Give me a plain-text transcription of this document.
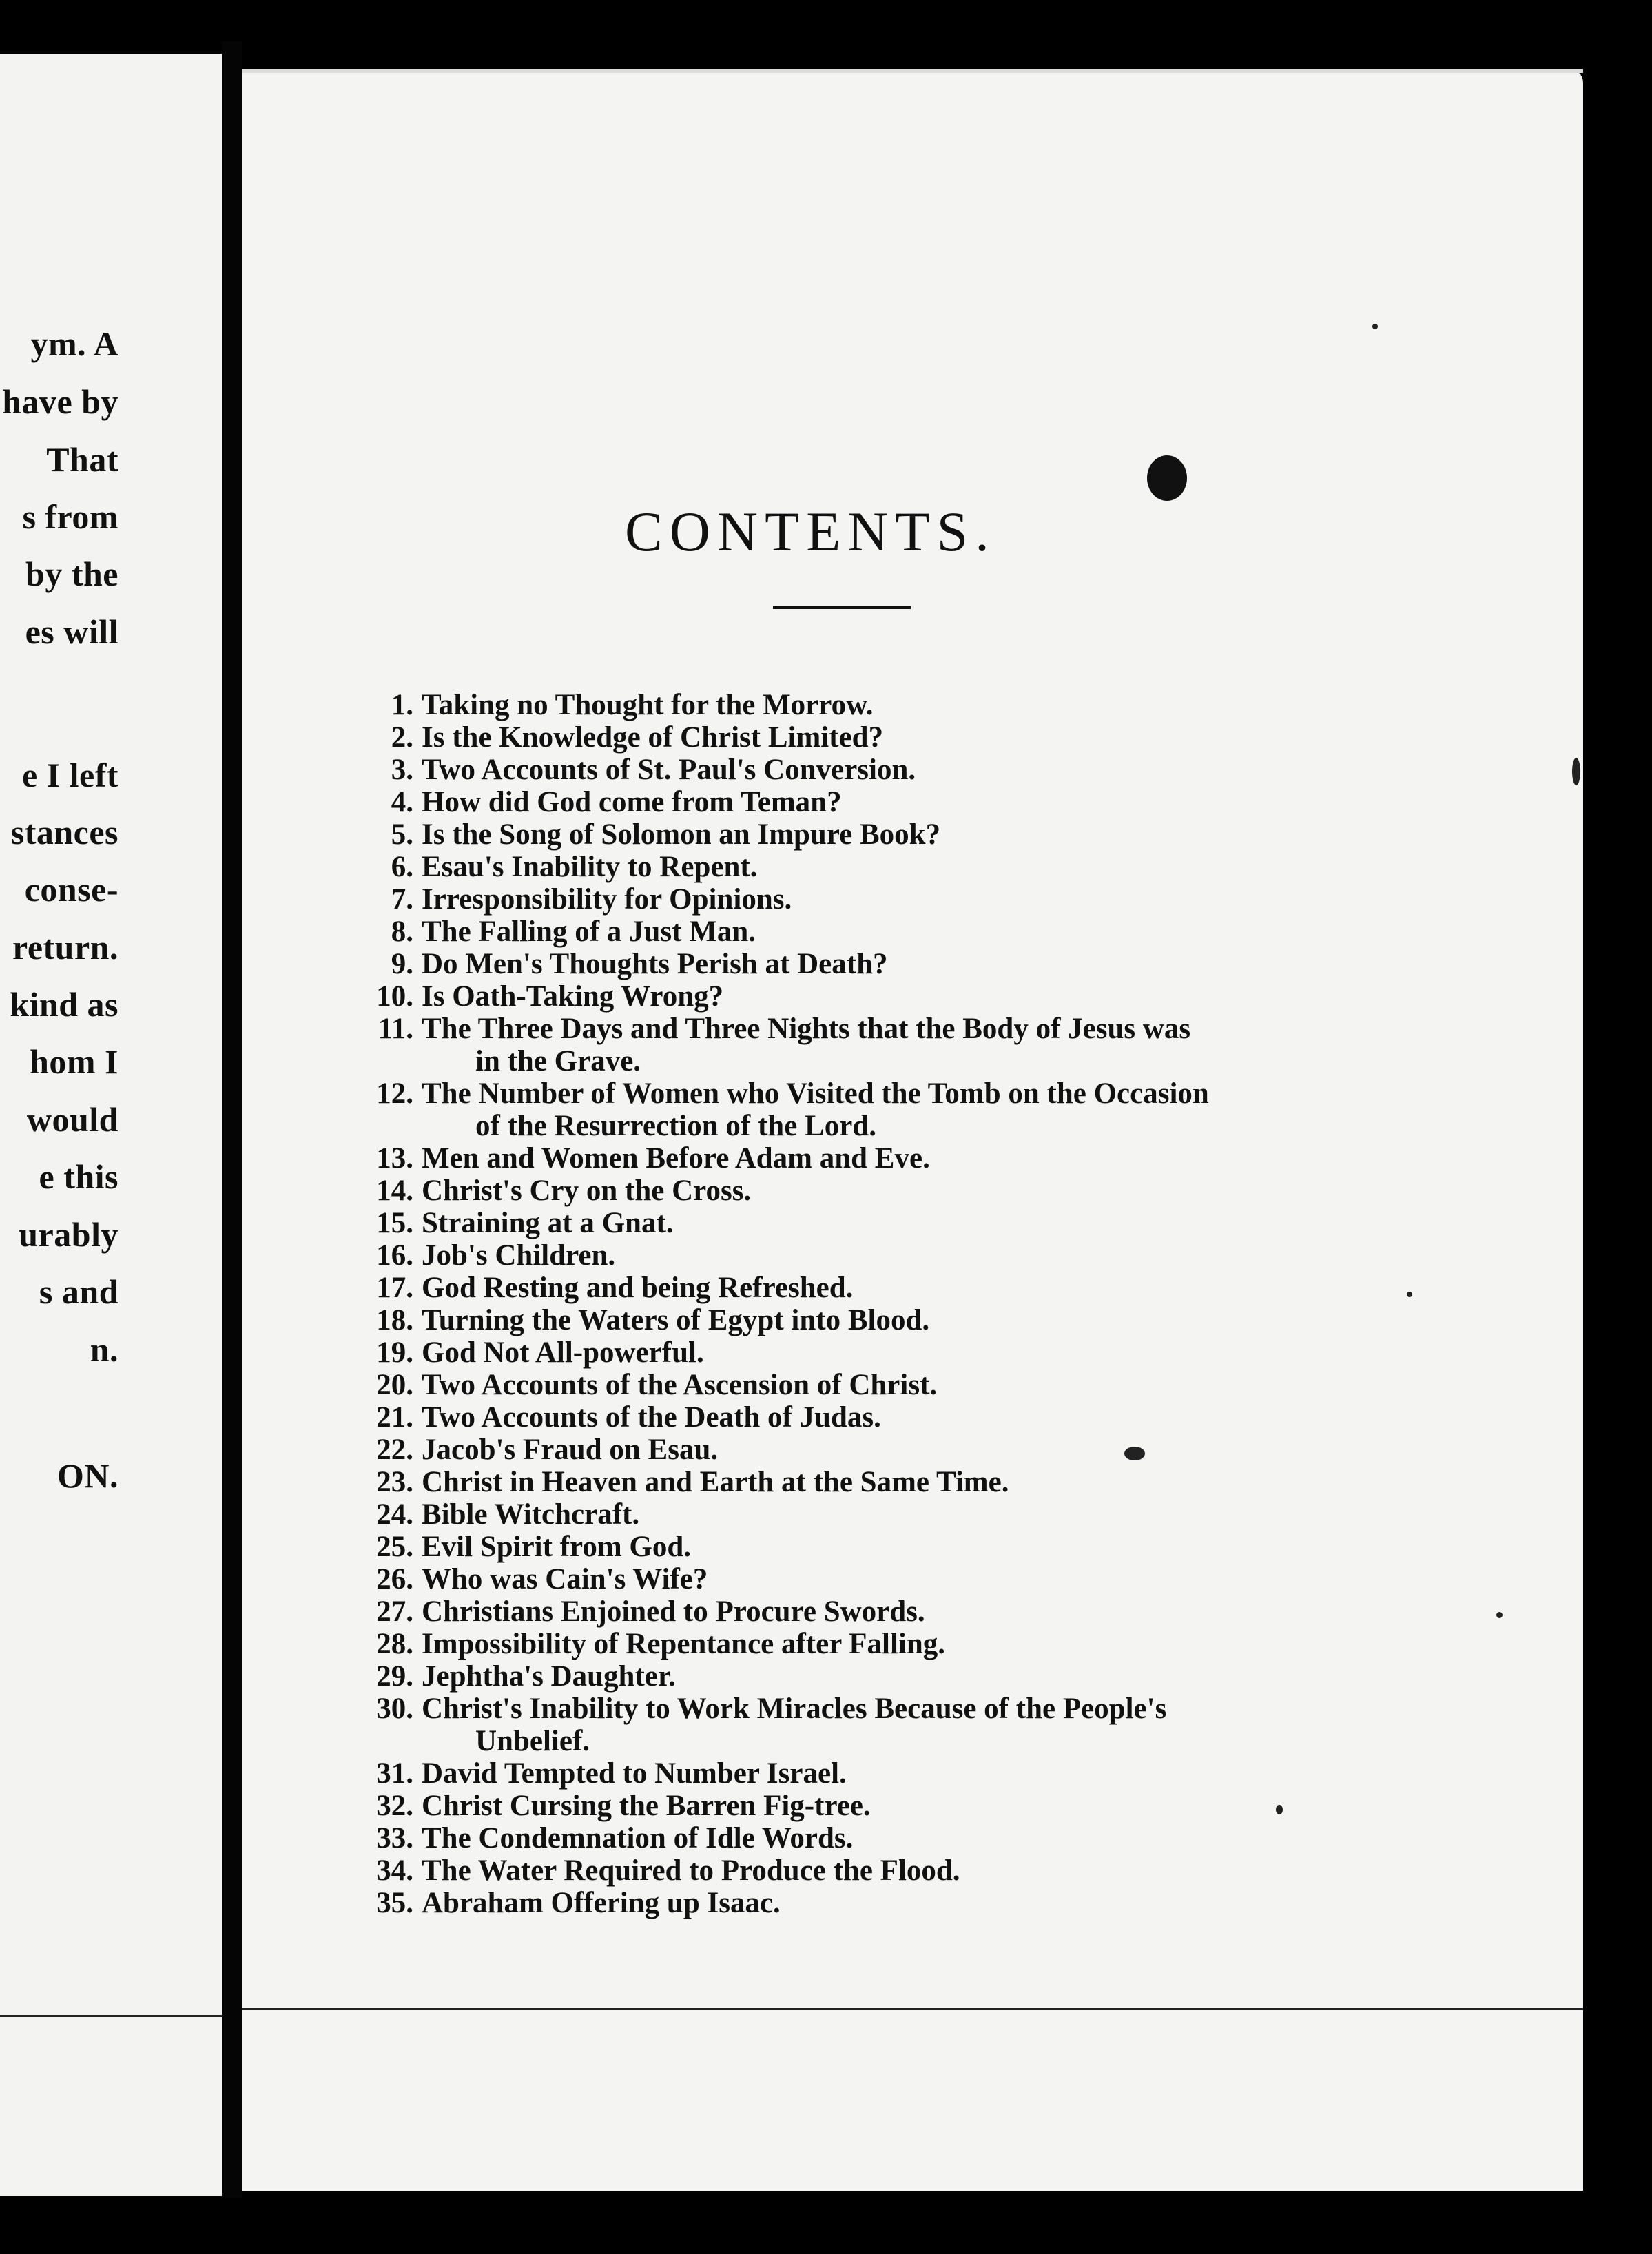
ym. A
have by
That
s from
by the
es will
e I left
stances
conse-
return.
kind as
hom I
would
e this
urably
s and
n.
ON.
CONTENTS.
1. Taking no Thought for the Morrow.
2. Is the Knowledge of Christ Limited?
3. Two Accounts of St. Paul's Conversion.
4. How did God come from Teman?
5. Is the Song of Solomon an Impure Book?
6. Esau's Inability to Repent.
7. Irresponsibility for Opinions.
8. The Falling of a Just Man.
9. Do Men's Thoughts Perish at Death?
10. Is Oath-Taking Wrong?
11. The Three Days and Three Nights that the Body of Jesus was
in the Grave.
12. The Number of Women who Visited the Tomb on the Occasion
of the Resurrection of the Lord.
13. Men and Women Before Adam and Eve.
14. Christ's Cry on the Cross.
15. Straining at a Gnat.
16. Job's Children.
17. God Resting and being Refreshed.
18. Turning the Waters of Egypt into Blood.
19. God Not All-powerful.
20. Two Accounts of the Ascension of Christ.
21. Two Accounts of the Death of Judas.
22. Jacob's Fraud on Esau.
23. Christ in Heaven and Earth at the Same Time.
24. Bible Witchcraft.
25. Evil Spirit from God.
26. Who was Cain's Wife?
27. Christians Enjoined to Procure Swords.
28. Impossibility of Repentance after Falling.
29. Jephtha's Daughter.
30. Christ's Inability to Work Miracles Because of the People's
Unbelief.
31. David Tempted to Number Israel.
32. Christ Cursing the Barren Fig-tree.
33. The Condemnation of Idle Words.
34. The Water Required to Produce the Flood.
35. Abraham Offering up Isaac.
